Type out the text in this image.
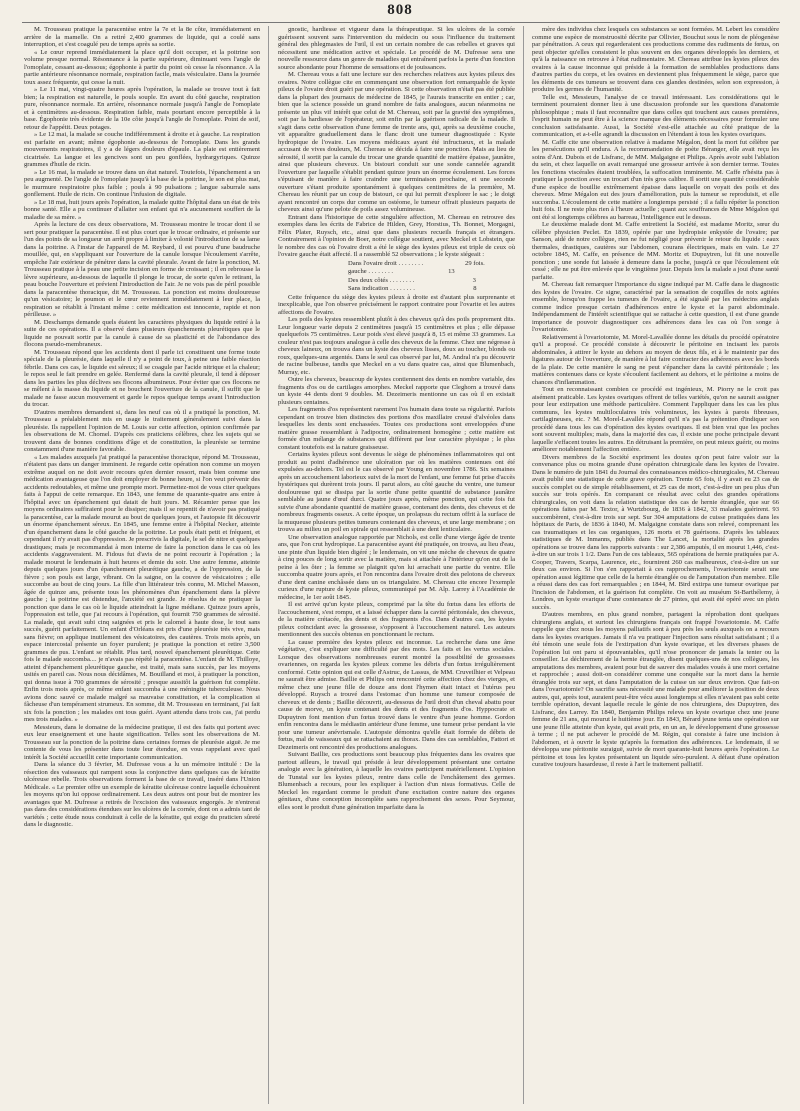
808

M. Trousseau pratique la paracentèse entre la 7e et la 8e côte, immédiatement en arrière de la mamelle. On a retiré 2,400 grammes de liquide, qui a coulé sans interruption, et s'est coagulé peu de temps après sa sortie.

« Le cœur reprend immédiatement la place qu'il doit occuper, et la poitrine son volume presque normal. Résonnance à la partie supérieure, diminuant vers l'angle de l'omoplate, cessant au-dessous; égophonie à partir du point où cesse la résonnance. A la partie antérieure résonnance normale, respiration facile, mais vésiculaire. Dans la journée toux assez fréquente, qui cesse la nuit.

» Le 11 mai, vingt-quatre heures après l'opération, la malade se trouve tout à fait bien; la respiration est naturelle, le pouls souple. En avant du côté gauche, respiration pure, résonnance normale. En arrière, résonnance normale jusqu'à l'angle de l'omoplate et à centimètres au-dessous. Respiration faible, mais pourtant encore perceptible à la base. Égophonie très évidente de la 10e côte jusqu'à l'angle de l'omoplate. Point de soif, retour de l'appétit. Deux potages.

» Le 12 mai, la malade se couche indifféremment à droite et à gauche. La respiration est parfaite en avant; même égophonie au-dessous de l'omoplate. Dans les grands mouvements respiratoires, il y a de légers douleurs d'épaule. La plaie est entièrement cicatrisée. La langue et les gencives sont un peu gonflées, hydrargyriques. Quinze grammes d'huile de ricin.

» Le 16 mai, la malade se trouve dans un état naturel. Toutefois, l'épanchement a un peu augmenté. De l'angle de l'omoplate jusqu'à la base de la poitrine, le son est plus mat, le murmure respiratoire plus faible ; pouls à 90 pulsations ; langue saburrale sans gonflement. Huile de ricin. On continue l'infusion de digitale.

» Le 18 mai, huit jours après l'opération, la malade quitte l'hôpital dans un état de très bonne santé. Elle a pu continuer d'allaiter son enfant qui n'a aucunement souffert de la maladie de sa mère. »

Après la lecture de ces deux observations, M. Trousseau montre le trocar dont il se sert pour pratiquer la paracentèse. Il est plus court que le trocar ordinaire, et présente sur l'un des points de sa longueur un arrêt propre à limiter à volonté l'introduction de sa lame dans la poitrine. A l'instar de l'appareil de M. Reybard, il est pourvu d'une baudruche mouillée, qui, en s'appliquant sur l'ouverture de la canule lorsque l'écoulement s'arrête, empêche l'air extérieur de pénétrer dans la cavité pleurale. Avant de faire la ponction, M. Trousseau pratique à la peau une petite incision en forme de croissant ; il en rebrousse la lèvre supérieure, au-dessous de laquelle il plonge le trocar, de sorte qu'en le retirant, la peau bouche l'ouverture et prévient l'introduction de l'air. Je ne vois pas de péril possible dans la paracentèse thoracique, dit M. Trousseau. La ponction est moins douloureuse qu'un vésicatoire; le poumon et le cœur reviennent immédiatement à leur place, la respiration se rétablit à l'instant même : cette médication est innocente, rapide et non périlleuse. »

M. Deschamps demande quels étaient les caractères physiques du liquide retiré à la suite de ces opérations. Il a observé dans plusieurs épanchements pleurétiques que le liquide ne pouvait sortir par la canule à cause de sa plasticité et de l'abondance des flocons pseudo-membraneux.

M. Trousseau répond que les accidents dont il parle ici constituent une forme toute spéciale de la pleurésie, dans laquelle il n'y a point de toux, à peine une faible réaction fébrile. Dans ces cas, le liquide est séreux; il se coagule par l'acide nitrique et la chaleur; le repos seul le fait prendre en gelée. Renfermé dans la cavité pleurale, il tend à déposer dans les parties les plus déclives ses flocons albumineux. Pour éviter que ces flocons ne se mêlent à la masse du liquide et ne bouchent l'ouverture de la canule, il suffit que le malade ne fasse aucun mouvement et garde le repos quelque temps avant l'introduction du trocar.

D'autres membres demandent si, dans les neuf cas où il a pratiqué la ponction, M. Trousseau a préalablement mis en usage le traitement généralement suivi dans la pleurésie. Ils rappellent l'opinion de M. Louis sur cette affection, opinion confirmée par les observations de M. Chomel. D'après ces praticiens célèbres, chez les sujets qui se trouvent dans de bonnes conditions d'âge et de constitution, la pleurésie se termine constamment d'une manière favorable.

« Les malades auxquels j'ai pratiqué la paracentèse thoracique, répond M. Trousseau, n'étaient pas dans un danger imminent. Je regarde cette opération non comme un moyen extrême auquel on ne doit avoir recours qu'en dernier ressort, mais bien comme une médication avantageuse que l'on doit employer de bonne heure, si l'on veut prévenir des accidents redoutables, et même une prompte mort. Permettez-moi de vous citer quelques faits à l'appui de cette remarque. En 1843, une femme de quarante-quatre ans entre à l'hôpital avec un épanchement qui datait de huit jours. M. Récamier pense que les moyens ordinaires suffiraient pour le dissiper; mais il se repentit de n'avoir pas pratiqué la paracentèse, car la malade mourut au bout de quelques jours, et l'autopsie fit découvrir un énorme épanchement séreux. En 1845, une femme entre à l'hôpital Necker, atteinte d'un épanchement dans le côté gauche de la poitrine. Le pouls était petit et fréquent, et cependant il n'y avait pas d'oppression. Je prescrivis la digitale, le sel de nitre et quelques drastiques; mais je recommandai à mon interne de faire la ponction dans le cas où les accidents s'aggraveraient. M. Fidous fut d'avis de ne point recourir à l'opération ; la malade mourut le lendemain à huit heures et demie du soir. Une autre femme, atteinte depuis quelques jours d'un épanchement pleurétique gauche, a de l'oppression, de la fièvre ; son pouls est large, vibrant. On la saigne, on la couvre de vésicatoires ; elle succombe au bout de cinq jours. La fille d'un littérateur très connu, M. Michel Masson, âgée de quinze ans, présente tous les phénomènes d'un épanchement dans la plèvre gauche ; la poitrine est distendue, l'anxiété est grande. Je résolus de ne pratiquer la ponction que dans le cas où le liquide atteindrait la ligne médiane. Quinze jours après, l'oppression est telle, que j'ai recours à l'opération, qui fournit 750 grammes de sérosité. La malade, qui avait subi cinq saignées et pris le calomel à haute dose, le tout sans succès, guérit parfaitement. Un enfant d'Orléans est pris d'une pleurésie très vive, mais sans fièvre; on applique inutilement des vésicatoires, des cautères. Trois mois après, un espace intercostal présente un foyer purulent; je pratique la ponction et retire 3,500 grammes de pus. L'enfant se rétablit. Plus tard, nouvel épanchement pleurétique. Cette fois le malade succomba.... je n'avais pas répété la paracentèse. L'enfant de M. Thilloye, atteint d'épanchement pleurétique gauche, est traité, mais sans succès, par les moyens usités en pareil cas. Nous nous décidâmes, M. Bouilland et moi, à pratiquer la ponction, qui donna issue à 700 grammes de sérosité ; presque aussitôt la guérison fut complète. Enfin trois mois après, ce même enfant succomba à une méningite tuberculeuse. Nous avions donc sauvé ce malade malgré sa mauvaise constitution, et la complication si fâcheuse d'un tempérament strumeux. En somme, dit M. Trousseau en terminant, j'ai fait six fois la ponction ; les malades ont tous guéri. Ayant attendu dans trois cas, j'ai perdu mes trois malades. »

Messieurs, dans le domaine de la médecine pratique, il est des faits qui portent avec eux leur enseignement et une haute signification. Telles sont les observations de M. Trousseau sur la ponction de la poitrine dans certaines formes de pleurésie aiguë. Je me contente de vous les présenter dans toute leur étendue, en vous rappelant avec quel intérêt la Société accueillit cette importante communication.

Dans la séance du 3 février, M. Dufresse vous a lu un mémoire intitulé : De la résection des vaisseaux qui rampent sous la conjonctive dans quelques cas de kératite ulcéreuse rebelle. Trois observations forment la base de ce travail, inséré dans l'Union Médicale. « Le premier offre un exemple de kératite ulcéreuse contre laquelle échouèrent les moyens qu'on lui oppose ordinairement. Les deux autres ont pour but de montrer les avantages que M. Dufresse a retirés de l'excision des vaisseaux engorgés. Je n'entrerai pas dans des considérations étendues sur les ulcères de la cornée, dont on a admis tant de variétés ; cette étude nous conduirait à celle de la kératite, qui exige du praticien sûreté dans le diagnostic.

gnostic, hardiesse et vigueur dans la thérapeutique. Si les ulcères de la cornée guérissent souvent sans l'intervention du médecin ou sous l'influence du traitement général des phlegmasies de l'œil, il est un certain nombre de cas rebelles et graves qui nécessitent une médication active et spéciale. Le procédé de M. Dufresse sera une nouvelle ressource dans un genre de maladies qui entraînent parfois la perte d'un fonction source abondante pour l'homme de sensations et de jouissances.

M. Chereau vous a fait une lecture sur des recherches relatives aux kystes pileux des ovaires. Notre collègue cite en commençant une observation fort remarquable de kyste pileux de l'ovaire droit guéri par une opération. Si cette observation n'était pas été publiée dans la plupart des journaux de médecine de 1845, je l'aurais transcrite en entier ; car, bien que la science possède un grand nombre de faits analogues, aucun néanmoins ne présente un plus vif intérêt que celui de M. Chereau, soit par la gravité des symptômes, soit par la hardiesse de l'opérateur, soit enfin par la guérison radicale de la malade. Il s'agit dans cette observation d'une femme de trente ans, qui, après sa deuxième couche, vit apparaître graduellement dans le flanc droit une tumeur diagnostiquée : Kyste hydropique de l'ovaire. Les moyens médicaux ayant été infructueux, et la malade accusant de vives douleurs, M. Chereau se décida à faire une ponction. Mais au lieu de sérosité, il sortit par la canule du trocar une grande quantité de matière épaisse, jaunâtre, ainsi que plusieurs cheveux. Un bistouri conduit sur une sonde cannelée agrandit l'ouverture par laquelle s'établit pendant quinze jours un énorme écoulement. Les forces s'épuisant de manière à faire craindre une terminaison prochaine, et une seconde ouverture s'étant produite spontanément à quelques centimètres de la première, M. Chereau les réunit par un coup de bistouri, ce qui lui permit d'explorer le sac ; le doigt ayant rencontré un corps dur comme un ostéome, le tumeur offrait plusieurs paquets de cheveux ainsi qu'une pelote de poils assez volumineuse.

Entrant dans l'historique de cette singulière affection, M. Chereau en retrouve des exemples dans les écrits de Fabrice de Hilden, Grey, Horstius, Th. Bonnet, Morgagni, Félix Plater, Ruysch, etc., ainsi que dans plusieurs recueils français et étrangers. Contrairement à l'opinion de Boer, notre collègue soutient, avec Meckel et Lobstein, que le nombre des cas où l'ovaire droit a été le siège des kystes pileux est triple de ceux où l'ovaire gauche était affecté. Il a rassemblé 52 observations ; le kyste siégeait :

Dans l'ovaire droit . . . . . . . .	29 fois.
gauche . . . . . . . .	13
Des deux côtés . . . . . . . .	3
Sans indication . . . . . . . .	8

Cette fréquence du siège des kystes pileux à droite est d'autant plus surprenante et inexplicable, que l'on observe précisément le rapport contraire pour l'ovarite et les autres affections de l'ovaire.

Les poils des kystes ressemblent plutôt à des cheveux qu'à des poils proprement dits. Leur longueur varie depuis 2 centimètres jusqu'à 15 centimètres et plus ; elle dépasse quelquefois 75 centimètres. Leur poids s'est élevé jusqu'à 8, 15 et même 33 grammes. La couleur n'est pas toujours analogue à celle des cheveux de la femme. Chez une négresse à cheveux laineux, on trouva dans un kyste des cheveux lisses, doux au toucher, blonds ou roux, quelques-uns argentés. Dans le seul cas observé par lui, M. Andral n'a pu découvrir de racine bulbeuse, tandis que Meckel en a vu dans quatre cas, ainsi que Blumenbach, Murray, etc.

Outre les cheveux, beaucoup de kystes contiennent des dents en nombre variable, des fragments d'os ou de cartilages amorphes. Meckel rapporte que Cleghorn a trouvé dans un kyste 44 dents dont 9 doubles. M. Dezeimeris mentionne un cas où il en existait plusieurs centaines.

Les fragments d'os représentent rarement l'os humain dans toute sa régularité. Parfois cependant on trouve bien distinctes des portions d'os maxillaire creusé d'alvéoles dans lesquelles les dents sont enchassées. Toutes ces productions sont enveloppées d'une matière grasse ressemblant à l'adipocire, ordinairement homogène ; cette matière est formée d'un mélange de substances qui diffèrent par leur caractère physique ; le plus constant toutefois est la nature graisseuse.

Certains kystes pileux sont devenus le siège de phénomènes inflammatoires qui ont produit au point d'adhérence une ulcération par où les matières contenues ont été expulsées au-dehors. Tel est le cas observé par Young en novembre 1786. Six semaines après un accouchement laborieux suivi de la mort de l'enfant, une femme fut prise d'accès hystériques qui durèrent trois jours. Il parut alors, au côté gauche du ventre, une tumeur douloureuse qui se dissipa par la sortie d'une petite quantité de substance jaunâtre semblable au jaune d'œuf durci. Quatre jours après, même ponction, qui cette fois fut suivie d'une abondante quantité de matière grasse, contenant des dents, des cheveux et de nombreux fragments osseux. A cette époque, un prolapsus du rectum offrit à la surface de la muqueuse plusieurs petites tumeurs contenant des cheveux, et une large membrane ; on trouva au milieu un poil en spirale qui ressemblait à une dent lenticulaire.

Une observation analogue rapportée par Nichols, est celle d'une vierge âgée de trente ans, que l'on crut hydropique. La paracentèse ayant été pratiquée, on trouva, au lieu d'eau, une pinte d'un liquide bien digéré ; le lendemain, on vit une mèche de cheveux de quatre à cinq pouces de long sortir avec la matière, mais si attachée à l'intérieur qu'on eut de la peine à les ôter ; la femme se plaignit qu'on lui arrachait une partie du ventre. Elle succomba quatre jours après, et l'on rencontra dans l'ovaire droit des pelotons de cheveux d'une dent canine enchâssée dans un os triangulaire. M. Chereau cite encore l'exemple curieux d'une rupture de kyste pileux, communiqué par M. Alp. Larrey à l'Académie de médecine, le 1er août 1845.

Il est arrivé qu'un kyste pileux, comprimé par la tête du fœtus dans les efforts de l'accouchement, s'est rompu, et a laissé échapper dans la cavité péritonéale, des cheveux, de la matière crétacée, des dents et des fragments d'os. Dans d'autres cas, les kystes pileux coïncidant avec la grossesse, s'opposent à l'accouchement naturel. Les auteurs mentionnent des succès obtenus en ponctionnant le rectum.

La cause première des kystes pileux est inconnue. La recherche dans une âme végétative, c'est expliquer une difficulté par des mots. Les faits et les vertus sociales. Lorsque des observations nombreuses eurent montré la possibilité de grossesses ovariennes, on regarda les kystes pileux comme les débris d'un fœtus irrégulièrement conformé. Cette opinion qui est celle d'Astruc, de Lassus, de MM. Cruveilhier et Velpeau ne saurait être admise. Baillie et Philips ont rencontré cette affection chez des vierges, et même chez une jeune fille de douze ans dont l'hymen était intact et l'utérus peu développé. Ruysch a trouvé dans l'estomac d'un homme une tumeur composée de cheveux et de dents ; Baillie découvrit, au-dessous de l'œil droit d'un cheval abattu pour cause de morve, un kyste contenant des dents et des fragments d'os. Hyppocrate et Dupuytren font mention d'un fœtus trouvé dans le ventre d'un jeune homme. Gordon enfin rencontra dans le médiastin antérieur d'une femme, une tumeur prise pendant la vie pour une tumeur anévrismale. L'autopsie démontra qu'elle était formée de débris de fœtus, mal de vaisseaux qui se rattachaient au thorax. Dans des cas semblables, Fattori et Dezeimeris ont rencontré des productions analogues.

Suivant Baillie, ces productions sont beaucoup plus fréquentes dans les ovaires que partout ailleurs, le travail qui préside à leur développement présentant une certaine analogie avec la génération, à laquelle les ovaires participent matériellement. L'opinion de Tunstal sur les kystes pileux, rentre dans celle de l'enchâtement des germes. Blumenbach a recours, pour les expliquer à l'action d'un nisus formativus. Celle de Meckel les regardant comme le produit d'une excitation contre nature des organes génitaux, d'une conception incomplète sans rapprochement des sexes. Pour Seymour, elles sont le produit d'une génération imparfaite dans la

mère des individus chez lesquels ces substances se sont formées. M. Lebert les considère comme une espèce de monstruosité décrite par Ollivier, Bouchut sous le nom de pléogenèse par pénétration. A ceux qui regarderaient ces productions comme des rudiments de fœtus, on peut objecter qu'elles consistent le plus souvent en des organes développés les derniers, et qu'à la naissance on retrouve à l'état rudimentaire. M. Chereau attribue les kystes pileux des ovaires à la cause inconnue qui préside à la formation de semblables productions dans d'autres parties du corps, et les ovaires en deviennent plus fréquemment le siège, parce que les éléments de ces tumeurs se trouvent dans ces glandes destinées, selon son expression, à produire les germes de l'humanité.

Telle est, Messieurs, l'analyse de ce travail intéressant. Les considérations qui le terminent pourraient donner lieu à une discussion profonde sur les questions d'anatomie philosophique ; mais il faut reconnaître que dans celles qui touchent aux causes premières, l'esprit humain ne peut être à la science manque des éléments nécessaires pour formuler une conclusion satisfaisante. Aussi, la Société s'est-elle attachée au côté pratique de la communication, et a-t-elle agrandi la discussion en l'étendant à tous les kystes ovariques.

M. Caffe cite une observation relative à madame Mégalon, dont la mort fut célèbre par les persécutions qu'il endura. A la recommandation de poète Béranger, elle avait reçu les soins d'Ant. Dubois et de Lisfranc, de MM. Malgaigne et Philips. Après avoir subi l'ablation du sein, et chez laquelle on avait remarqué une grosseur arrivée à son dernier terme. Toutes les fonctions viscérales étaient troublées, la suffocation imminente. M. Caffe n'hésita pas à pratiquer la ponction avec un trocart d'un très gros calibre. Il sortit une quantité considérable d'une espèce de bouillie extrêmement épaisse dans laquelle on voyait des poils et des cheveux. Mme Mégalon eut des jours d'amélioration, puis la tumeur se reproduisit, et elle succomba. L'écoulement de cette matière a longtemps persisté ; il a fallu répéter la ponction huit fois. Il ne reste plus rien à l'heure actuelle ; quant aux souffrances de Mme Mégalon qui ont été si longtemps célèbres au barreau, l'intelligence eut le dessus.

Le deuxième malade dont M. Caffe entretient la Société, est madame Moritz, sœur du célèbre physicien Peclet. En 1839, opérée par une hydropisie enkystée de l'ovaire; par Sanson, aidé de notre collègue, rien ne fut négligé pour prévenir le retour du liquide : eaux thermales, drastiques, cautères sur l'abdomen, courans électriques, mais en vain. Le 27 octobre 1845, M. Caffe, en présence de MM. Moritz et Dupuytren, lui fit une nouvelle ponction ; une sonde fut laissée à demeure dans la poche, jusqu'à ce que l'écoulement eût cessé ; elle ne put être enlevée que le vingtième jour. Depuis lors la malade a joui d'une santé parfaite.

M. Chereau fait remarquer l'importance du signe indiqué par M. Caffe dans le diagnostic des kystes de l'ovaire. Ce signe, caractérisé par la sensation de coquilles de noix agitées ensemble, lorsqu'on frappe les tumeurs de l'ovaire, a été signalé par les médecins anglais comme indice presque certain d'adhérences entre le kyste et la paroi abdominale. Indépendamment de l'intérêt scientifique qui se rattache à cette question, il est d'une grande importance de pouvoir diagnostiquer ces adhérences dans les cas où l'on songe à l'ovariotomie.

Relativement à l'ovariotomie, M. Morel-Lavallée donne les détails du procédé opératoire qu'il a proposé. Ce procédé consiste à découvrir le péritoine en incisant les parois abdominales, à attirer le kyste au dehors au moyen de deux fils, et à le maintenir par des ligatures autour de l'ouverture, de manière à lui faire contracter des adhérences avec les bords de la plaie. De cette manière le sang ne peut s'épancher dans la cavité péritonéale ; les matières contenues dans ce kyste s'écoulent facilement au dehors, et le péritoine a moins de chances d'inflammation.

Tout en reconnaissant combien ce procédé est ingénieux, M. Piorry ne le croit pas aisément praticable. Les kystes ovariques offrent de telles variétés, qu'on ne saurait assigner pour leur extirpation une méthode particulière. Comment l'appliquer dans les cas les plus communs, les kystes multiloculaires très volumineux, les kystes à parois fibreuses, cartilagineuses, etc. ? M. Morel-Lavallée répond qu'il n'a pas la prétention d'indiquer son procédé dans tous les cas d'opération des kystes ovariques. Il est bien vrai que les poches sont souvent multiples; mais, dans la majorité des cas, il existe une poche principale devant laquelle s'effacent toutes les autres. En détruisant la première, on peut mieux guérir, ou moins améliorer notablement l'affection entière.

Divers membres de la Société expriment les doutes qu'on peut faire valoir sur la convenance plus ou moins grande d'une opération chirurgicale dans les kystes de l'ovaire. Dans le numéro de juin 1841 du Journal des connaissances médico-chirurgicales, M. Chereau avait publié une statistique de cette grave opération. Trente 65 fois, il y avait eu 23 cas de succès complet ou de simple rétablissement, et 25 cas de mort, c'est-à-dire un peu plus d'un succès sur trois opérés. En comparant ce résultat avec celui des grandes opérations chirurgicales, on voit dans la relation statistique des cas de hernie étranglée, que sur 66 opérations faites par M. Textor, à Wurtzbourg, de 1836 à 1842, 33 malades guérirent. 93 succombèrent, c'est-à-dire trois sur sept. Sur 304 amputations de cuisse pratiquées dans les hôpitaux de Paris, de 1836 à 1840, M. Malgaigne constate dans son relevé, comprenant les cas traumatiques et les cas organiques, 126 morts et 78 guérisons. D'après les tableaux statistiques de M. Inmanns, publiés dans The Lancet, la mortalité après les grandes opérations se trouve dans les rapports suivants : sur 2,386 amputés, il en mourut 1,446, c'est-à-dire un sur trois 1 1/2. Dans l'un de ces tableaux, 565 opérations de hernie pratiquées par A. Cooper, Travers, Scarpa, Laurence, etc., fournirent 260 cas malheureux, c'est-à-dire un sur deux cas environ. Si l'on s'en rapportait à ces rapprochements, l'ovariotomie serait une opération aussi légitime que celle de la hernie étranglée ou de l'amputation d'un membre. Elle a réussi dans des cas fort remarquables ; en 1844, M. Bird extirpa une tumeur ovarique par l'incision de l'abdomen, et la guérison fut complète. On voit au muséum St-Barthélemy, à Londres, un kyste ovarique d'une contenance de 27 pintes, qui avait été opéré avec un plein succès.

D'autres membres, en plus grand nombre, partagent la réprobation dont quelques chirurgiens anglais, et surtout les chirurgiens français ont frappé l'ovariotomie. M. Caffe rappelle que chez nous les moyens palliatifs sont à peu près les seuls auxquels on a recours dans les kystes ovariques. Jamais il n'a vu pratiquer l'injection sans résultat satisfaisant ; il a été témoin une seule fois de l'extirpation d'un kyste ovarique, et les diverses phases de l'opération lui ont paru si épouvantables, qu'il n'ose prononcer de jamais la tenter ou la conseiller. Le déchirement de la hernie étranglée, disent quelques-uns de nos collègues, les amputations des membres, avaient pour but de sauver des malades voués à une mort certaine et rapprochée ; aussi doit-on considérer comme une conquête sur la mort dans la hernie étranglée trois sur sept, et dans l'amputation de la cuisse un sur deux environ. Que fait-on dans l'ovariotomie? On sacrifie sans nécessité une malade pour améliorer la position de deux autres, qui, après tout, auraient peut-être vécu aussi longtemps si elles n'avaient pas subi cette terrible opération, devant laquelle recule le génie de nos chirurgiens, des Dupuytren, des Lisfranc, des Larrey. En 1840, Benjamin Philips releva un kyste ovarique chez une jeune femme de 21 ans, qui mourut le huitième jour. En 1843, Bérard jeune tenta une opération sur une jeune fille atteinte d'un kyste, qui avait pris, en un an, le développement d'une grossesse à terme ; il ne put achever le procédé de M. Régin, qui consiste à faire une incision à l'abdomen, et à ouvrir le kyste qu'après la formation des adhérences. Le lendemain, il se développa une péritonite suraiguë, suivie de mort quarante-huit heures après l'opération. Le péritoine et tous les kystes présentaient un liquide séro-purulent. A défaut d'une opération curative toujours hasardeuse, il reste à l'art le traitement palliatif.
